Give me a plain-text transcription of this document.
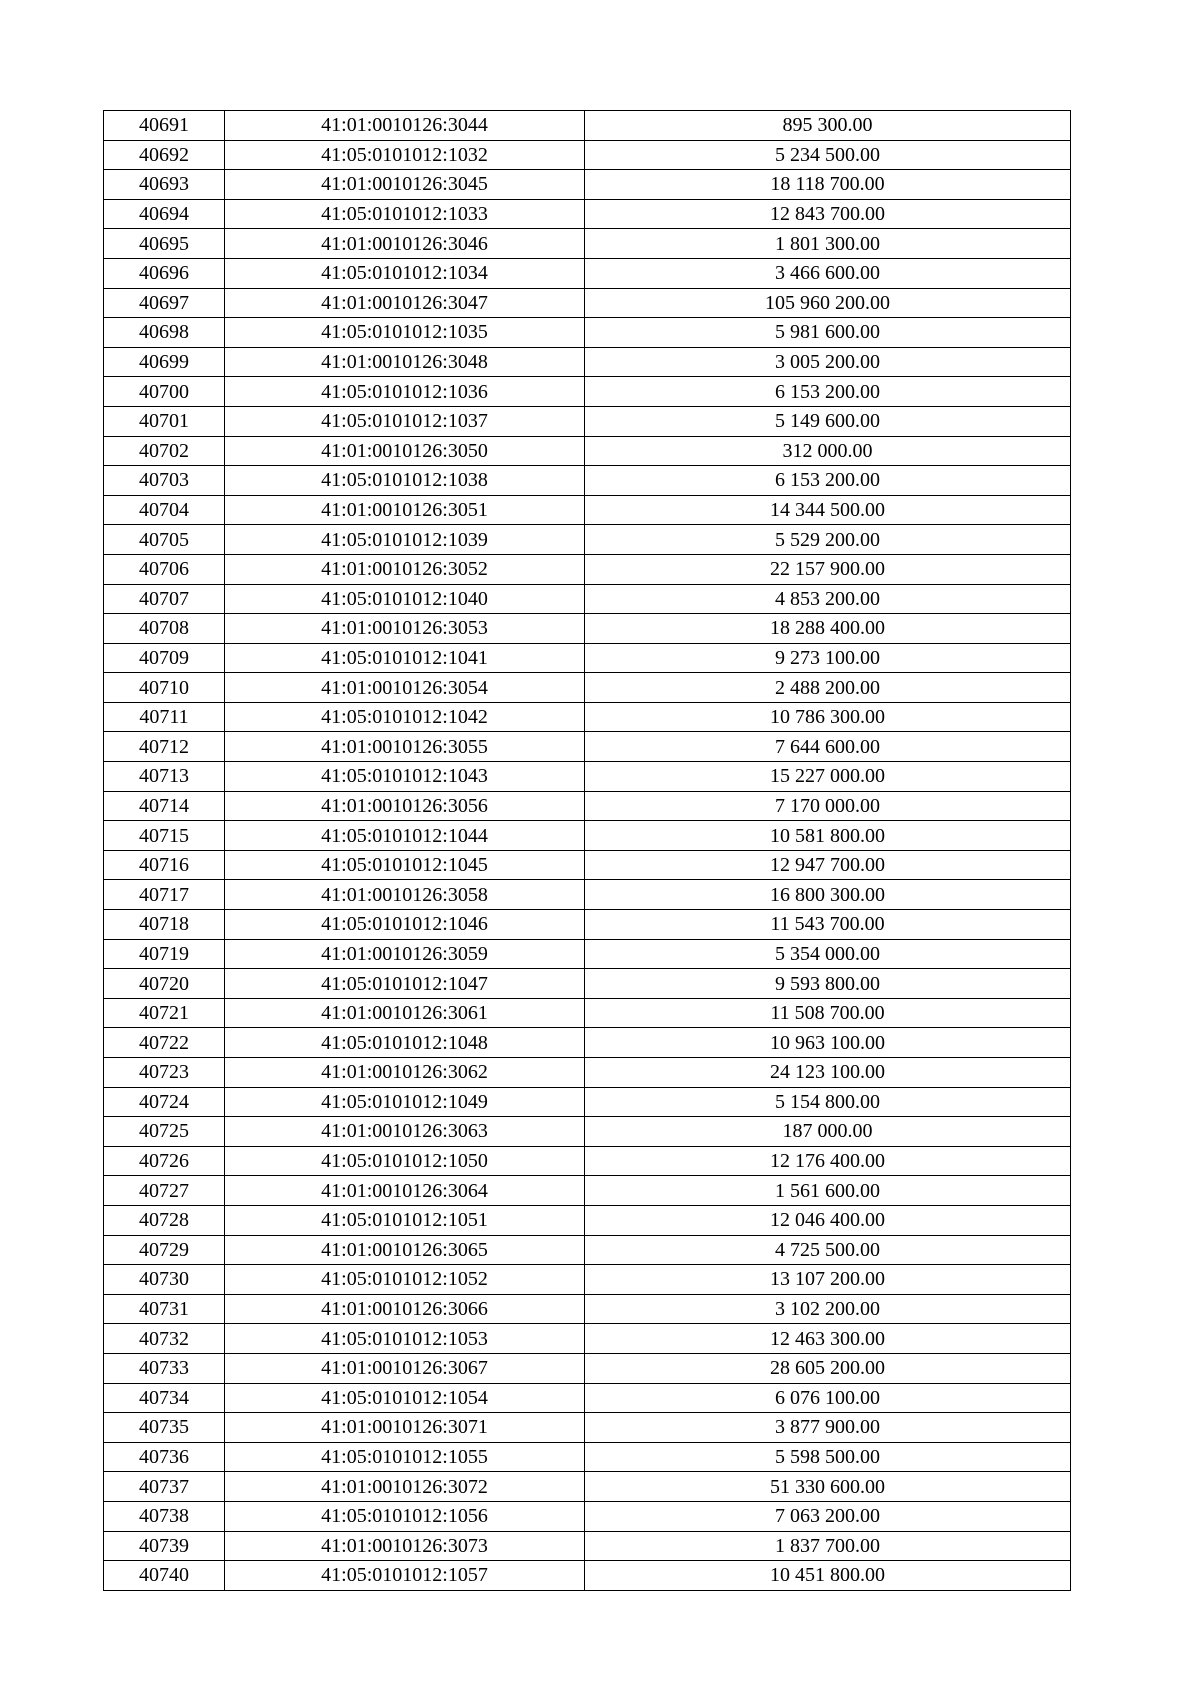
40691	41:01:0010126:3044	895 300.00
40692	41:05:0101012:1032	5 234 500.00
40693	41:01:0010126:3045	18 118 700.00
40694	41:05:0101012:1033	12 843 700.00
40695	41:01:0010126:3046	1 801 300.00
40696	41:05:0101012:1034	3 466 600.00
40697	41:01:0010126:3047	105 960 200.00
40698	41:05:0101012:1035	5 981 600.00
40699	41:01:0010126:3048	3 005 200.00
40700	41:05:0101012:1036	6 153 200.00
40701	41:05:0101012:1037	5 149 600.00
40702	41:01:0010126:3050	312 000.00
40703	41:05:0101012:1038	6 153 200.00
40704	41:01:0010126:3051	14 344 500.00
40705	41:05:0101012:1039	5 529 200.00
40706	41:01:0010126:3052	22 157 900.00
40707	41:05:0101012:1040	4 853 200.00
40708	41:01:0010126:3053	18 288 400.00
40709	41:05:0101012:1041	9 273 100.00
40710	41:01:0010126:3054	2 488 200.00
40711	41:05:0101012:1042	10 786 300.00
40712	41:01:0010126:3055	7 644 600.00
40713	41:05:0101012:1043	15 227 000.00
40714	41:01:0010126:3056	7 170 000.00
40715	41:05:0101012:1044	10 581 800.00
40716	41:05:0101012:1045	12 947 700.00
40717	41:01:0010126:3058	16 800 300.00
40718	41:05:0101012:1046	11 543 700.00
40719	41:01:0010126:3059	5 354 000.00
40720	41:05:0101012:1047	9 593 800.00
40721	41:01:0010126:3061	11 508 700.00
40722	41:05:0101012:1048	10 963 100.00
40723	41:01:0010126:3062	24 123 100.00
40724	41:05:0101012:1049	5 154 800.00
40725	41:01:0010126:3063	187 000.00
40726	41:05:0101012:1050	12 176 400.00
40727	41:01:0010126:3064	1 561 600.00
40728	41:05:0101012:1051	12 046 400.00
40729	41:01:0010126:3065	4 725 500.00
40730	41:05:0101012:1052	13 107 200.00
40731	41:01:0010126:3066	3 102 200.00
40732	41:05:0101012:1053	12 463 300.00
40733	41:01:0010126:3067	28 605 200.00
40734	41:05:0101012:1054	6 076 100.00
40735	41:01:0010126:3071	3 877 900.00
40736	41:05:0101012:1055	5 598 500.00
40737	41:01:0010126:3072	51 330 600.00
40738	41:05:0101012:1056	7 063 200.00
40739	41:01:0010126:3073	1 837 700.00
40740	41:05:0101012:1057	10 451 800.00
